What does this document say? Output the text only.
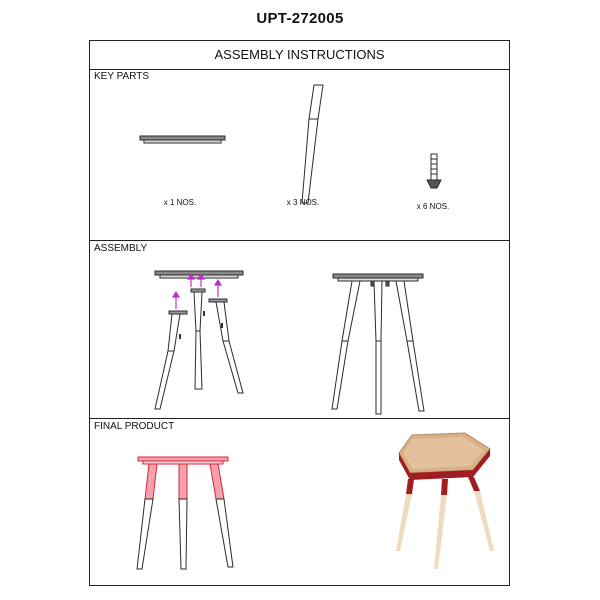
UPT-272005
ASSEMBLY INSTRUCTIONS
KEY PARTS
x 1 NOS.	x 3 NOS.	x 6 NOS.
ASSEMBLY
FINAL PRODUCT
